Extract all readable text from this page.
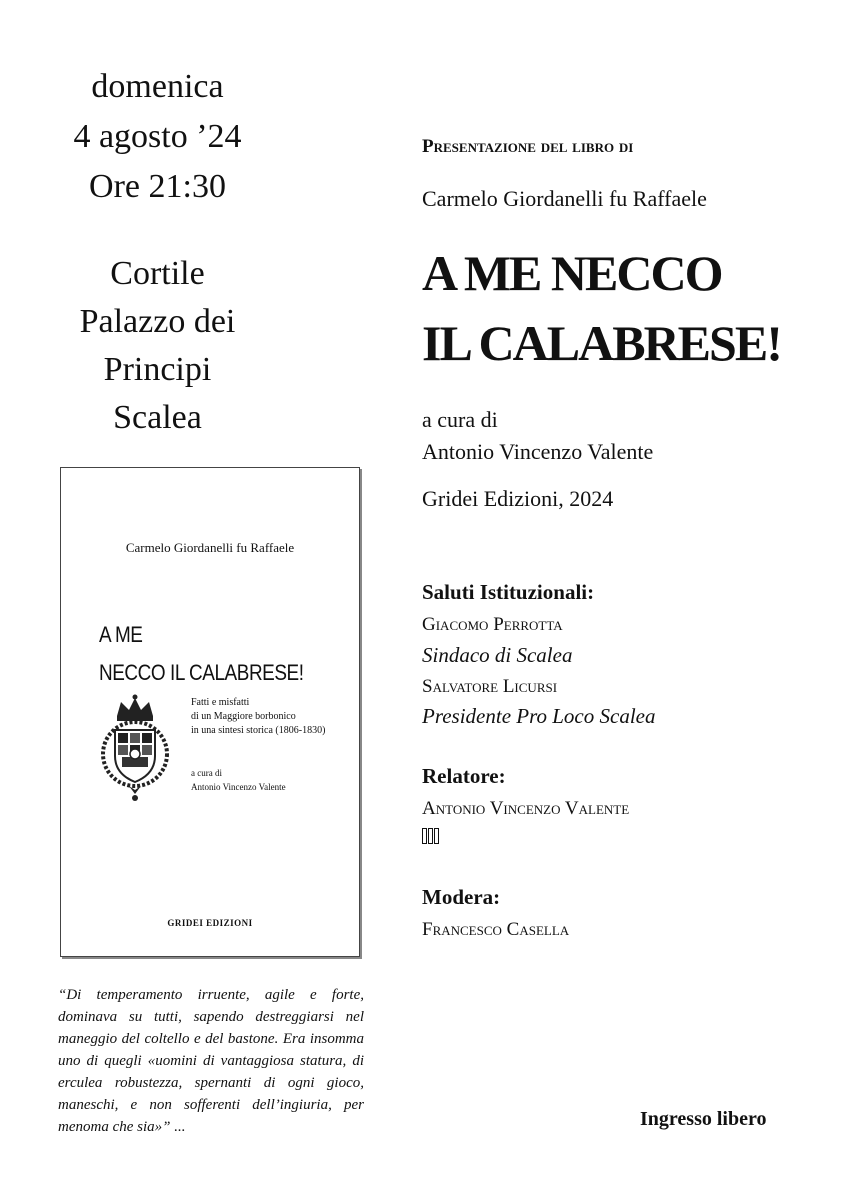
domenica
4 agosto ’24
Ore 21:30
Cortile
Palazzo dei
Principi
Scalea
Carmelo Giordanelli fu Raffaele
A ME
NECCO IL CALABRESE!
Fatti e misfatti
di un Maggiore borbonico
in una sintesi storica (1806-1830)
a cura di
Antonio Vincenzo Valente
GRIDEI EDIZIONI
“Di temperamento irruente, agile e forte, dominava su tutti, sapendo destreggiarsi nel maneggio del coltello e del bastone. Era insomma uno di quegli «uomini di vantaggiosa statura, di erculea robustezza, spernanti di ogni gioco, maneschi, e non sofferenti dell’ingiuria, per menoma che sia»” ...
Presentazione del libro di
Carmelo Giordanelli fu Raffaele
A ME NECCO
IL CALABRESE!
a cura di
Antonio Vincenzo Valente
Gridei Edizioni, 2024
Saluti Istituzionali:
Giacomo Perrotta
Sindaco di Scalea
Salvatore Licursi
Presidente Pro Loco Scalea
Relatore:
Antonio Vincenzo Valente
Modera:
Francesco Casella
Ingresso libero
